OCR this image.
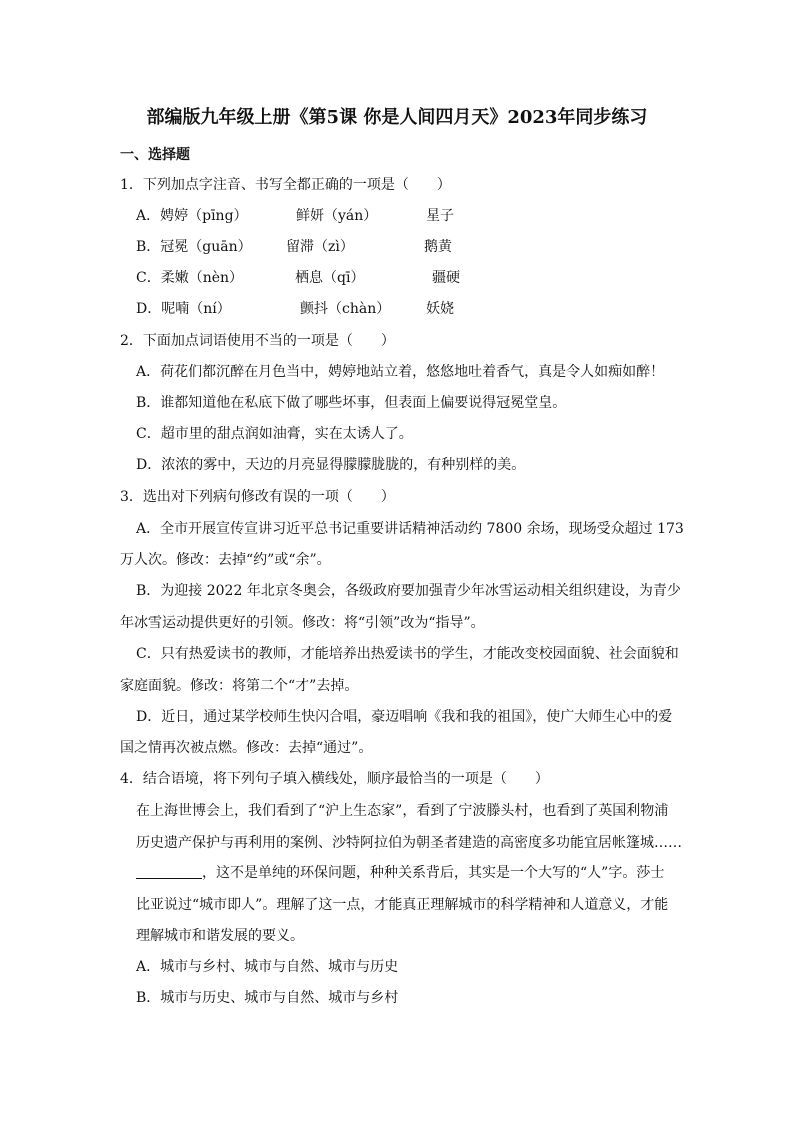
部编版九年级上册《第5课 你是人间四月天》2023年同步练习
一、选择题
1．下列加点字注音、书写全都正确的一项是（　　）
A．娉婷（pīng）	鲜妍（yán）	星子
B．冠冕（guān） 留滞（zì）	鹅黄
C．柔嫩（nèn）	栖息（qī）	疆硬
D．呢喃（ní）	颤抖（chàn）	妖娆
2．下面加点词语使用不当的一项是（　　）
A．荷花们都沉醉在月色当中，娉婷地站立着，悠悠地吐着香气，真是令人如痴如醉！
B．谁都知道他在私底下做了哪些坏事，但表面上偏要说得冠冕堂皇。
C．超市里的甜点润如油膏，实在太诱人了。
D．浓浓的雾中，天边的月亮显得朦朦胧胧的，有种别样的美。
3．选出对下列病句修改有误的一项（　　）
A．全市开展宣传宣讲习近平总书记重要讲话精神活动约 7800 余场，现场受众超过 173
万人次。修改：去掉“约”或“余”。
B．为迎接 2022 年北京冬奥会，各级政府要加强青少年冰雪运动相关组织建设，为青少
年冰雪运动提供更好的引领。修改：将“引领”改为“指导”。
C．只有热爱读书的教师，才能培养出热爱读书的学生，才能改变校园面貌、社会面貌和
家庭面貌。修改：将第二个“才”去掉。
D．近日，通过某学校师生快闪合唱，豪迈唱响《我和我的祖国》，使广大师生心中的爱
国之情再次被点燃。修改：去掉“通过”。
4．结合语境，将下列句子填入横线处，顺序最恰当的一项是（　　）
在上海世博会上，我们看到了“沪上生态家”，看到了宁波滕头村，也看到了英国利物浦
历史遗产保护与再利用的案例、沙特阿拉伯为朝圣者建造的高密度多功能宜居帐篷城……
，这不是单纯的环保问题，种种关系背后，其实是一个大写的“人”字。莎士
比亚说过“城市即人”。理解了这一点，才能真正理解城市的科学精神和人道意义，才能
理解城市和谐发展的要义。
A．城市与乡村、城市与自然、城市与历史
B．城市与历史、城市与自然、城市与乡村
